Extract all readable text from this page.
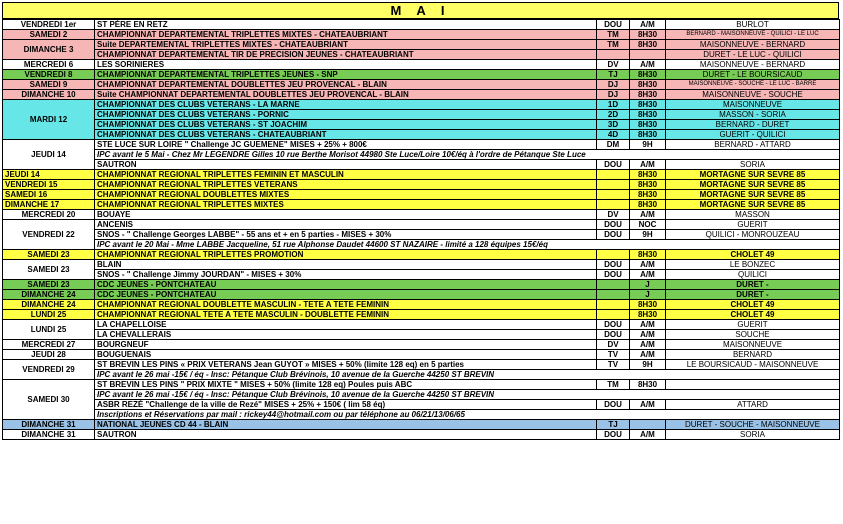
M A I
VENDREDI 1er	ST PÈRE EN RETZ	DOU	A/M	BURLOT
SAMEDI 2	CHAMPIONNAT DEPARTEMENTAL TRIPLETTES MIXTES - CHATEAUBRIANT	TM	8H30	BERNARD - MAISONNEUVE - QUILICI - LE LUC
DIMANCHE 3	Suite DEPARTEMENTAL TRIPLETTES MIXTES - CHATEAUBRIANT	TM	8H30	MAISONNEUVE - BERNARD
	CHAMPIONNAT DEPARTEMENTAL TIR DE PRECISION JEUNES - CHATEAUBRIANT			DURET - LE LUC - QUILICI
MERCREDI 6	LES SORINIERES	DV	A/M	MAISONNEUVE - BERNARD
VENDREDI 8	CHAMPIONNAT DEPARTEMENTAL TRIPLETTES JEUNES - SNP	TJ	8H30	DURET - LE BOURSICAUD
SAMEDI 9	CHAMPIONNAT DEPARTEMENTAL DOUBLETTES JEU PROVENCAL - BLAIN	DJ	8H30	MAISONNEUVE - SOUCHE - LE LUC - BARRE
DIMANCHE 10	Suite CHAMPIONNAT DEPARTEMENTAL DOUBLETTES JEU PROVENCAL - BLAIN	DJ	8H30	MAISONNEUVE - SOUCHE
MARDI 12	CHAMPIONNAT DES CLUBS VETERANS - LA MARNE	1D	8H30	MAISONNEUVE
	CHAMPIONNAT DES CLUBS VETERANS - PORNIC	2D	8H30	MASSON - SORIA
	CHAMPIONNAT DES CLUBS VETERANS - ST JOACHIM	3D	8H30	BERNARD - DURET
	CHAMPIONNAT DES CLUBS VETERANS - CHATEAUBRIANT	4D	8H30	GUERIT - QUILICI
JEUDI 14	STE LUCE SUR LOIRE " Challenge JC GUEMENE" MISES + 25% + 800€	DM	9H	BERNARD - ATTARD
	IPC avant le 5 Mai - Chez Mr LEGENDRE Gilles 10 rue Berthe Morisot 44980 Ste Luce/Loire 10€/éq à l'ordre de Pétanque Ste Luce			
	SAUTRON	DOU	A/M	SORIA
JEUDI 14	CHAMPIONNAT REGIONAL TRIPLETTES FEMININ ET MASCULIN		8H30	MORTAGNE SUR SEVRE 85
VENDREDI 15	CHAMPIONNAT REGIONAL TRIPLETTES VETERANS		8H30	MORTAGNE SUR SEVRE 85
SAMEDI 16	CHAMPIONNAT REGIONAL DOUBLETTES MIXTES		8H30	MORTAGNE SUR SEVRE 85
DIMANCHE 17	CHAMPIONNAT REGIONAL TRIPLETTES MIXTES		8H30	MORTAGNE SUR SEVRE 85
MERCREDI 20	BOUAYE	DV	A/M	MASSON
VENDREDI 22	ANCENIS	DOU	NOC	GUERIT
	SNOS - " Challenge Georges LABBE" - 55 ans et + en 5 parties - MISES + 30%	DOU	9H	QUILICI - MONROUZEAU
	IPC avant le 20 Mai - Mme LABBE Jacqueline, 51 rue Alphonse Daudet 44600 ST NAZAIRE - limité a 128 équipes 15€/éq			
SAMEDI 23	CHAMPIONNAT REGIONAL TRIPLETTES PROMOTION		8H30	CHOLET 49
SAMEDI 23	BLAIN	DOU	A/M	LE BONZEC
	SNOS - " Challenge Jimmy JOURDAN" - MISES + 30%	DOU	A/M	QUILICI
SAMEDI 23	CDC JEUNES - PONTCHATEAU		J	DURET -
DIMANCHE 24	CDC JEUNES - PONTCHATEAU		J	DURET -
DIMANCHE 24	CHAMPIONNAT REGIONAL DOUBLETTE MASCULIN - TETE A TETE FEMININ		8H30	CHOLET 49
LUNDI 25	CHAMPIONNAT REGIONAL TETE A TETE MASCULIN - DOUBLETTE FEMININ		8H30	CHOLET 49
LUNDI 25	LA CHAPELLOISE	DOU	A/M	GUERIT
	LA CHEVALLERAIS	DOU	A/M	SOUCHE
MERCREDI 27	BOURGNEUF	DV	A/M	MAISONNEUVE
JEUDI 28	BOUGUENAIS	TV	A/M	BERNARD
VENDREDI 29	ST BREVIN LES PINS « PRIX VETERANS Jean GUYOT » MISES + 50% (limite 128 eq) en 5 parties	TV	9H	LE BOURSICAUD - MAISONNEUVE
	IPC avant le 26 mai -15€ / éq - Insc: Pétanque Club Brévinois, 10 avenue de la Guerche 44250 ST BREVIN			
SAMEDI 30	ST BREVIN LES PINS " PRIX MIXTE " MISES + 50% (limite 128 eq) Poules puis ABC	TM	8H30	
	IPC avant le 26 mai -15€ / éq - Insc: Pétanque Club Brévinois, 10 avenue de la Guerche 44250 ST BREVIN			
	ASBR REZÉ "Challenge de la ville de Rezé" MISES + 25% + 150€ ( lim 58 éq)	DOU	A/M	ATTARD
	Inscriptions et Réservations par mail : rickey44@hotmail.com ou par téléphone au 06/21/13/06/65			
DIMANCHE 31	NATIONAL JEUNES CD 44 - BLAIN	TJ		DURET - SOUCHE - MAISONNEUVE
DIMANCHE 31	SAUTRON	DOU	A/M	SORIA
